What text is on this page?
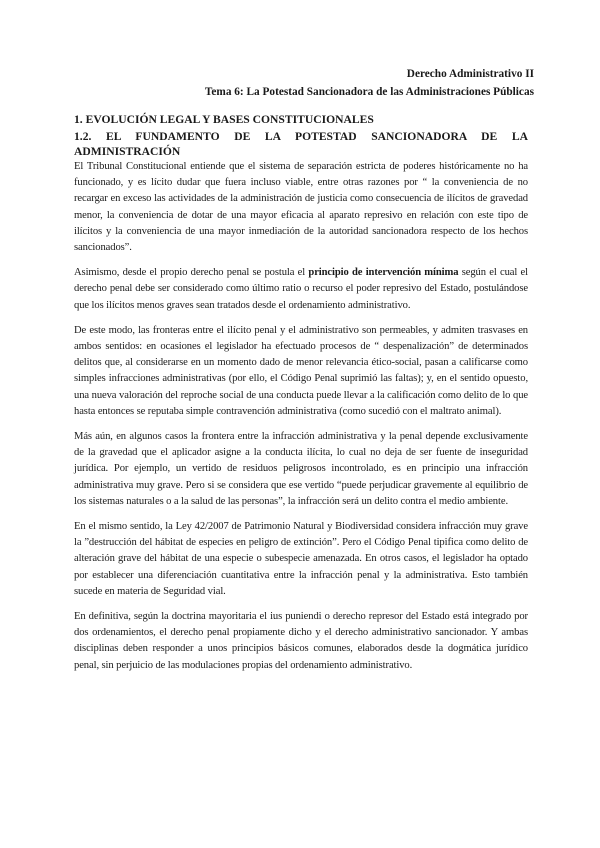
Derecho Administrativo II
Tema 6: La Potestad Sancionadora de las Administraciones Públicas
1. EVOLUCIÓN LEGAL Y BASES CONSTITUCIONALES
1.2. EL FUNDAMENTO DE LA POTESTAD SANCIONADORA DE LA ADMINISTRACIÓN

El Tribunal Constitucional entiende que el sistema de separación estricta de poderes históricamente no ha funcionado, y es lícito dudar que fuera incluso viable, entre otras razones por “ la conveniencia de no recargar en exceso las actividades de la administración de justicia como consecuencia de ilícitos de gravedad menor, la conveniencia de dotar de una mayor eficacia al aparato represivo en relación con este tipo de ilícitos y la conveniencia de una mayor inmediación de la autoridad sancionadora respecto de los hechos sancionados”.

Asimismo, desde el propio derecho penal se postula el principio de intervención mínima según el cual el derecho penal debe ser considerado como último ratio o recurso el poder represivo del Estado, postulándose que los ilícitos menos graves sean tratados desde el ordenamiento administrativo.

De este modo, las fronteras entre el ilícito penal y el administrativo son permeables, y admiten trasvases en ambos sentidos: en ocasiones el legislador ha efectuado procesos de “ despenalización” de determinados delitos que, al considerarse en un momento dado de menor relevancia ético-social, pasan a calificarse como simples infracciones administrativas (por ello, el Código Penal suprimió las faltas); y, en el sentido opuesto, una nueva valoración del reproche social de una conducta puede llevar a la calificación como delito de lo que hasta entonces se reputaba simple contravención administrativa (como sucedió con el maltrato animal).

Más aún, en algunos casos la frontera entre la infracción administrativa y la penal depende exclusivamente de la gravedad que el aplicador asigne a la conducta ilícita, lo cual no deja de ser fuente de inseguridad jurídica. Por ejemplo, un vertido de residuos peligrosos incontrolado, es en principio una infracción administrativa muy grave. Pero si se considera que ese vertido “puede perjudicar gravemente al equilibrio de los sistemas naturales o a la salud de las personas”, la infracción será un delito contra el medio ambiente.

En el mismo sentido, la Ley 42/2007 de Patrimonio Natural y Biodiversidad considera infracción muy grave la ”destrucción del hábitat de especies en peligro de extinción”. Pero el Código Penal tipifica como delito de alteración grave del hábitat de una especie o subespecie amenazada. En otros casos, el legislador ha optado por establecer una diferenciación cuantitativa entre la infracción penal y la administrativa. Esto también sucede en materia de Seguridad vial.

En definitiva, según la doctrina mayoritaria el ius puniendi o derecho represor del Estado está integrado por dos ordenamientos, el derecho penal propiamente dicho y el derecho administrativo sancionador. Y ambas disciplinas deben responder a unos principios básicos comunes, elaborados desde la dogmática jurídico penal, sin perjuicio de las modulaciones propias del ordenamiento administrativo.
